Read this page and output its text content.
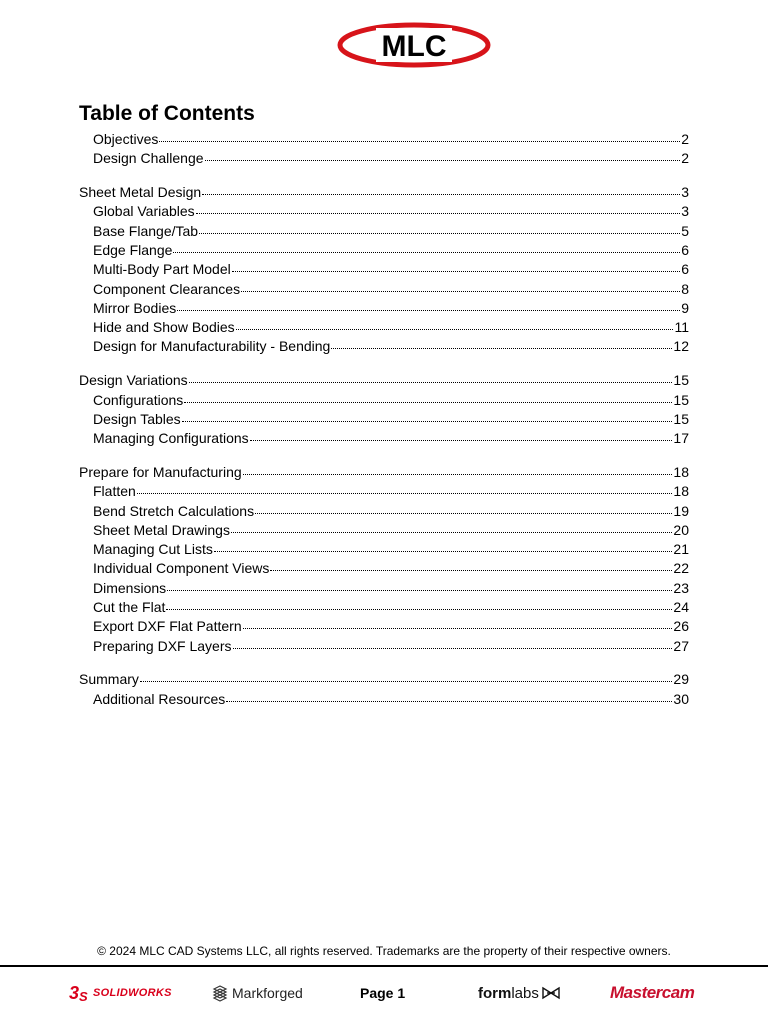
MLC
Table of Contents
Objectives	2
Design Challenge	2
Sheet Metal Design	3
Global Variables	3
Base Flange/Tab	5
Edge Flange	6
Multi-Body Part Model	6
Component Clearances	8
Mirror Bodies	9
Hide and Show Bodies	11
Design for Manufacturability - Bending	12
Design Variations	15
Configurations	15
Design Tables	15
Managing Configurations	17
Prepare for Manufacturing	18
Flatten	18
Bend Stretch Calculations	19
Sheet Metal Drawings	20
Managing Cut Lists	21
Individual Component Views	22
Dimensions	23
Cut the Flat	24
Export DXF Flat Pattern	26
Preparing DXF Layers	27
Summary	29
Additional Resources	30
© 2024 MLC CAD Systems LLC, all rights reserved. Trademarks are the property of their respective owners.
3 S SOLIDWORKS	Markforged	Page 1	formlabs	Mastercam
